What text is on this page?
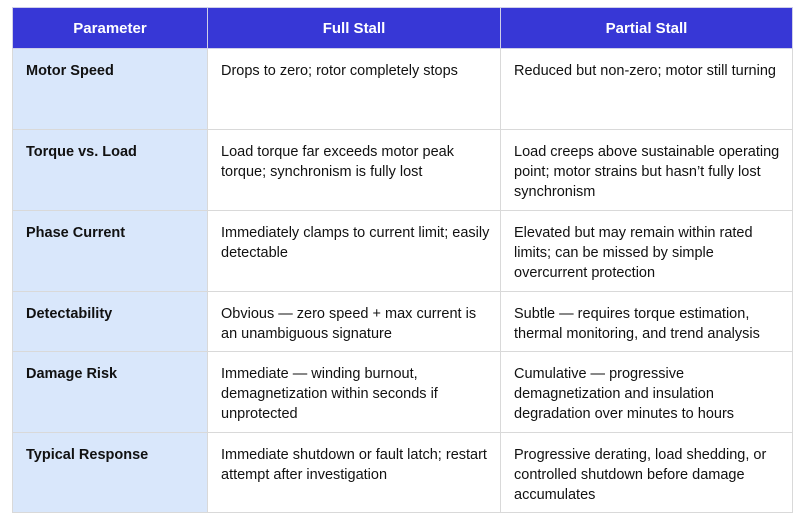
Parameter	Full Stall	Partial Stall
Motor Speed	Drops to zero; rotor completely stops	Reduced but non-zero; motor still turning
Torque vs. Load	Load torque far exceeds motor peak torque; synchronism is fully lost	Load creeps above sustainable operating point; motor strains but hasn’t fully lost synchronism
Phase Current	Immediately clamps to current limit; easily detectable	Elevated but may remain within rated limits; can be missed by simple overcurrent protection
Detectability	Obvious — zero speed + max current is an unambiguous signature	Subtle — requires torque estimation, thermal monitoring, and trend analysis
Damage Risk	Immediate — winding burnout, demagnetization within seconds if unprotected	Cumulative — progressive demagnetization and insulation degradation over minutes to hours
Typical Response	Immediate shutdown or fault latch; restart attempt after investigation	Progressive derating, load shedding, or controlled shutdown before damage accumulates
